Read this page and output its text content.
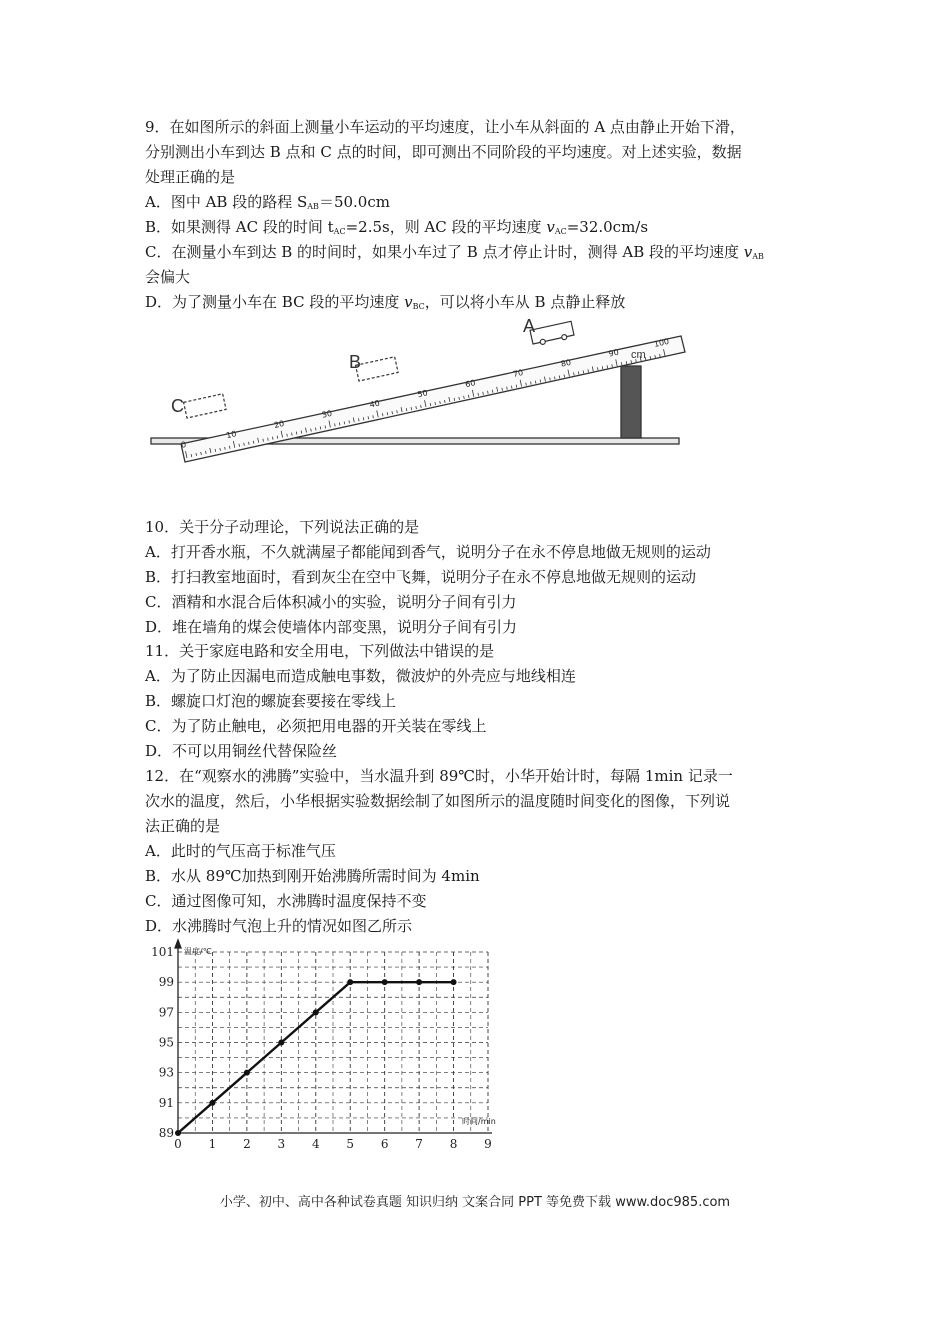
9．在如图所示的斜面上测量小车运动的平均速度，让小车从斜面的 A 点由静止开始下滑，
分别测出小车到达 B 点和 C 点的时间，即可测出不同阶段的平均速度。对上述实验，数据
处理正确的是
A．图中 AB 段的路程 $S_{AB}=50.0cm$
B．如果测得 AC 段的时间 $t_{AC}=2.5s$，则 AC 段的平均速度 $v_{AC}=32.0cm/s$
C．在测量小车到达 B 的时间时，如果小车过了 B 点才停止计时，测得 AB 段的平均速度 $v_{AB}$
会偏大
D．为了测量小车在 BC 段的平均速度 $v_{BC}$，可以将小车从 B 点静止释放
0
10
20
30
40
50
60
70
80
90
100
C
B
A
cm
10．关于分子动理论，下列说法正确的是
A．打开香水瓶，不久就满屋子都能闻到香气，说明分子在永不停息地做无规则的运动
B．打扫教室地面时，看到灰尘在空中飞舞，说明分子在永不停息地做无规则的运动
C．酒精和水混合后体积减小的实验，说明分子间有引力
D．堆在墙角的煤会使墙体内部变黑，说明分子间有引力
11．关于家庭电路和安全用电，下列做法中错误的是
A．为了防止因漏电而造成触电事数，微波炉的外壳应与地线相连
B．螺旋口灯泡的螺旋套要接在零线上
C．为了防止触电，必须把用电器的开关装在零线上
D．不可以用铜丝代替保险丝
12．在“观察水的沸腾”实验中，当水温升到 89℃时，小华开始计时，每隔 1min 记录一
次水的温度，然后，小华根据实验数据绘制了如图所示的温度随时间变化的图像，下列说
法正确的是
A．此时的气压高于标准气压
B．水从 89℃加热到刚开始沸腾所需时间为 4min
C．通过图像可知，水沸腾时温度保持不变
D．水沸腾时气泡上升的情况如图乙所示
0 1 2 3 4 5 6 7 8 9
89
91
93
95
97
99
101 温度/℃
时间/min
小学、初中、高中各种试卷真题 知识归纳 文案合同 PPT 等免费下载 www.doc985.com
